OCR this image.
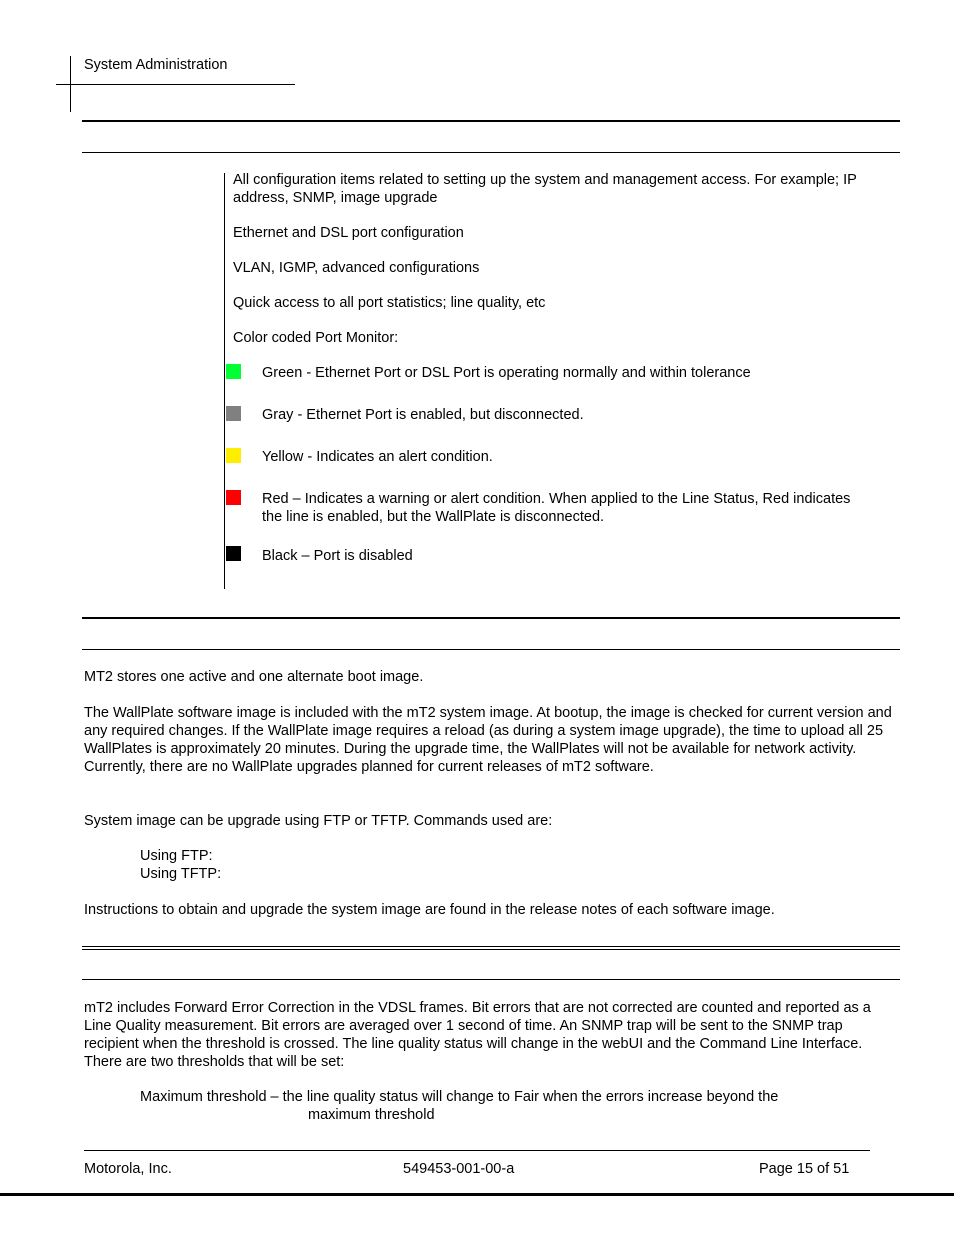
System Administration

All configuration items related to setting up the system and management access. For example; IP address, SNMP, image upgrade

Ethernet and DSL port configuration

VLAN, IGMP, advanced configurations

Quick access to all port statistics; line quality, etc

Color coded Port Monitor:

Green - Ethernet Port or DSL Port is operating normally and within tolerance

Gray - Ethernet Port is enabled, but disconnected.

Yellow - Indicates an alert condition.

Red – Indicates a warning or alert condition. When applied to the Line Status, Red indicates the line is enabled, but the WallPlate is disconnected.

Black – Port is disabled

MT2 stores one active and one alternate boot image.

The WallPlate software image is included with the mT2 system image. At bootup, the image is checked for current version and any required changes. If the WallPlate image requires a reload (as during a system image upgrade), the time to upload all 25 WallPlates is approximately 20 minutes. During the upgrade time, the WallPlates will not be available for network activity. Currently, there are no WallPlate upgrades planned for current releases of mT2 software.

System image can be upgrade using FTP or TFTP. Commands used are:

Using FTP:

Using TFTP:

Instructions to obtain and upgrade the system image are found in the release notes of each software image.

mT2 includes Forward Error Correction in the VDSL frames. Bit errors that are not corrected are counted and reported as a Line Quality measurement. Bit errors are averaged over 1 second of time. An SNMP trap will be sent to the SNMP trap recipient when the threshold is crossed. The line quality status will change in the webUI and the Command Line Interface. There are two thresholds that will be set:

Maximum threshold – the line quality status will change to Fair when the errors increase beyond the

maximum threshold

Motorola, Inc.	549453-001-00-a	Page 15 of 51
